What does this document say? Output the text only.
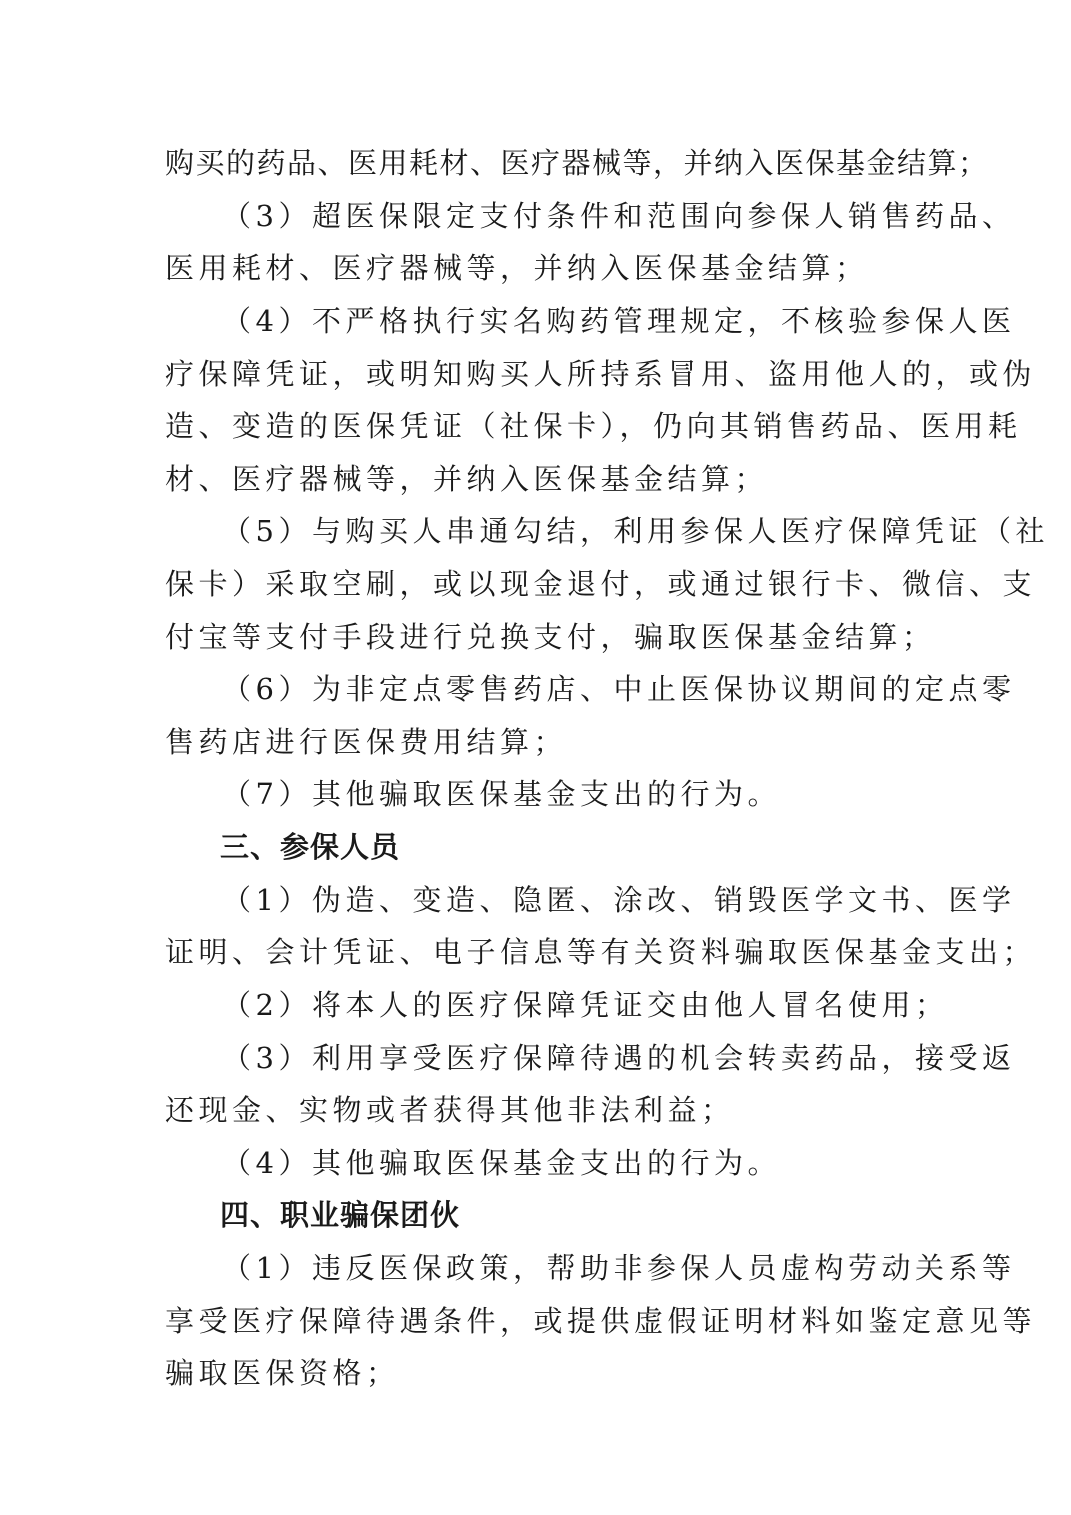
购买的药品、医用耗材、医疗器械等，并纳入医保基金结算；
（3）超医保限定支付条件和范围向参保人销售药品、
医用耗材、医疗器械等，并纳入医保基金结算；
（4）不严格执行实名购药管理规定，不核验参保人医
疗保障凭证，或明知购买人所持系冒用、盗用他人的，或伪
造、变造的医保凭证（社保卡），仍向其销售药品、医用耗
材、医疗器械等，并纳入医保基金结算；
（5）与购买人串通勾结，利用参保人医疗保障凭证（社
保卡）采取空刷，或以现金退付，或通过银行卡、微信、支
付宝等支付手段进行兑换支付，骗取医保基金结算；
（6）为非定点零售药店、中止医保协议期间的定点零
售药店进行医保费用结算；
（7）其他骗取医保基金支出的行为。
三、参保人员
（1）伪造、变造、隐匿、涂改、销毁医学文书、医学
证明、会计凭证、电子信息等有关资料骗取医保基金支出；
（2）将本人的医疗保障凭证交由他人冒名使用；
（3）利用享受医疗保障待遇的机会转卖药品，接受返
还现金、实物或者获得其他非法利益；
（4）其他骗取医保基金支出的行为。
四、职业骗保团伙
（1）违反医保政策，帮助非参保人员虚构劳动关系等
享受医疗保障待遇条件，或提供虚假证明材料如鉴定意见等
骗取医保资格；
